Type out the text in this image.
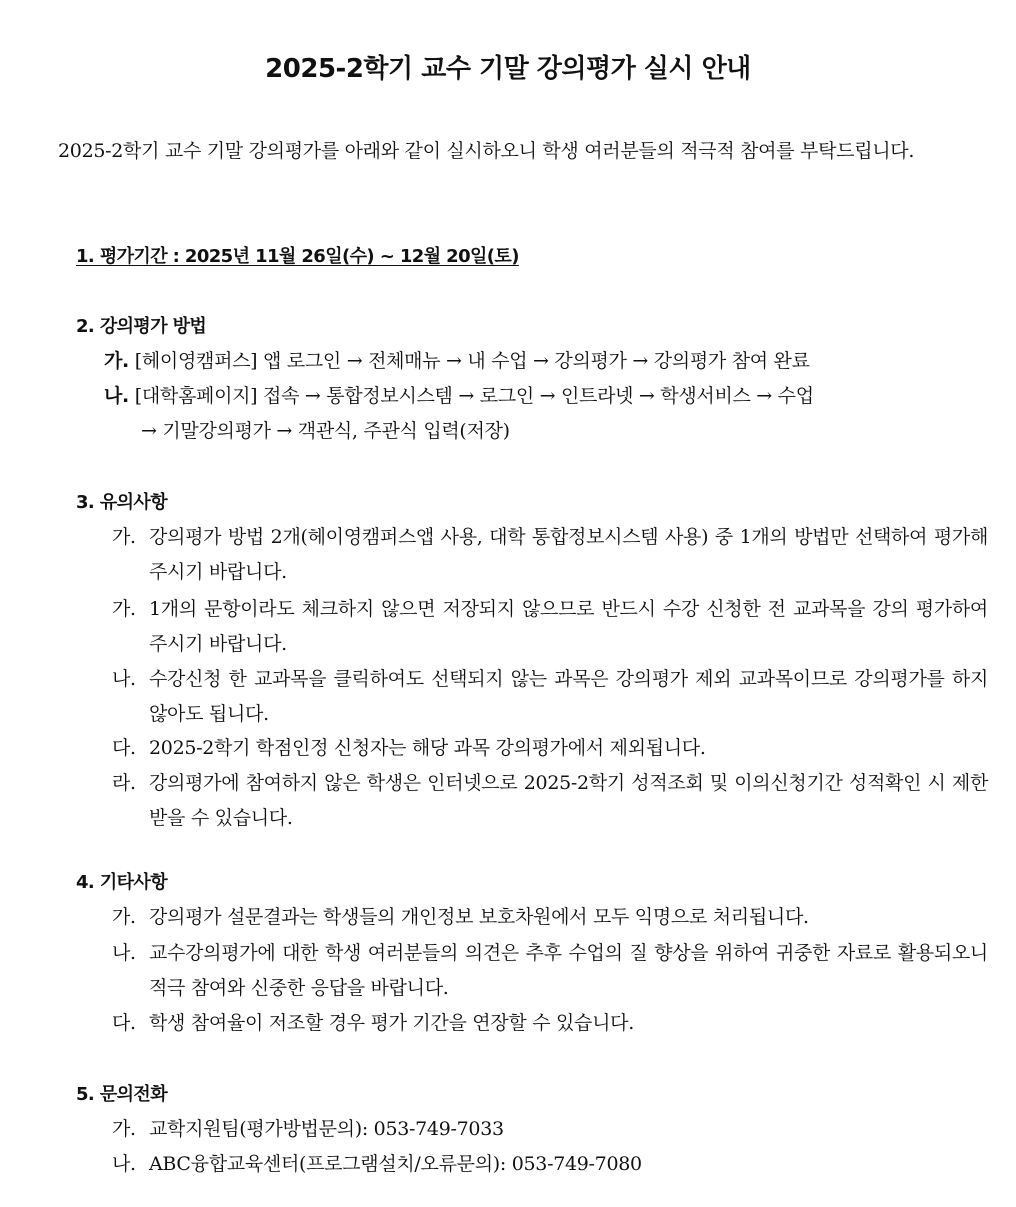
2025-2학기 교수 기말 강의평가 실시 안내
2025-2학기 교수 기말 강의평가를 아래와 같이 실시하오니 학생 여러분들의 적극적 참여를 부탁드립니다.
1. 평가기간 : 2025년 11월 26일(수) ~ 12월 20일(토)
2. 강의평가 방법
가. [헤이영캠퍼스] 앱 로그인 → 전체매뉴 → 내 수업 → 강의평가 → 강의평가 참여 완료
나. [대학홈페이지] 접속 → 통합정보시스템 → 로그인 → 인트라넷 → 학생서비스 → 수업
→ 기말강의평가 → 객관식, 주관식 입력(저장)
3. 유의사항
가. 강의평가 방법 2개(헤이영캠퍼스앱 사용, 대학 통합정보시스템 사용) 중 1개의 방법만 선택하여 평가해주시기 바랍니다.
가. 1개의 문항이라도 체크하지 않으면 저장되지 않으므로 반드시 수강 신청한 전 교과목을 강의 평가하여 주시기 바랍니다.
나. 수강신청 한 교과목을 클릭하여도 선택되지 않는 과목은 강의평가 제외 교과목이므로 강의평가를 하지 않아도 됩니다.
다. 2025-2학기 학점인정 신청자는 해당 과목 강의평가에서 제외됩니다.
라. 강의평가에 참여하지 않은 학생은 인터넷으로 2025-2학기 성적조회 및 이의신청기간 성적확인 시 제한받을 수 있습니다.
4. 기타사항
가. 강의평가 설문결과는 학생들의 개인정보 보호차원에서 모두 익명으로 처리됩니다.
나. 교수강의평가에 대한 학생 여러분들의 의견은 추후 수업의 질 향상을 위하여 귀중한 자료로 활용되오니 적극 참여와 신중한 응답을 바랍니다.
다. 학생 참여율이 저조할 경우 평가 기간을 연장할 수 있습니다.
5. 문의전화
가. 교학지원팀(평가방법문의): 053-749-7033
나. ABC융합교육센터(프로그램설치/오류문의): 053-749-7080
